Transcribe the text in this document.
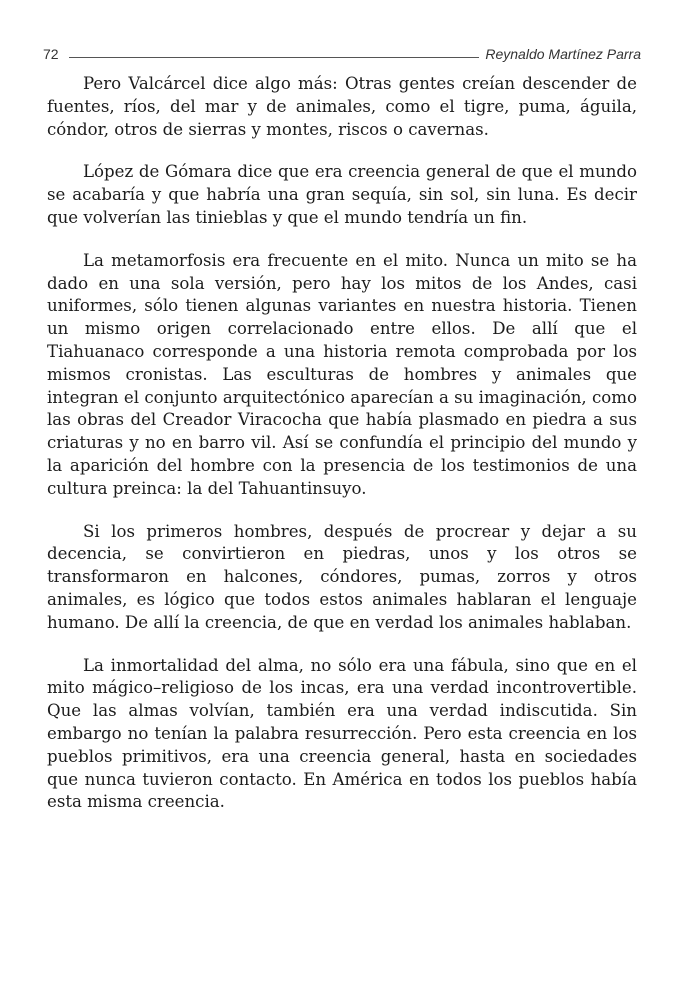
72	Reynaldo Martínez Parra

Pero Valcárcel dice algo más: Otras gentes creían descender de fuentes, ríos, del mar y de animales, como el tigre, puma, águila, cóndor, otros de sierras y montes, riscos o cavernas.

López de Gómara dice que era creencia general de que el mundo se acabaría y que habría una gran sequía, sin sol, sin luna. Es decir que volverían las tinieblas y que el mundo tendría un fin.

La metamorfosis era frecuente en el mito. Nunca un mito se ha dado en una sola versión, pero hay los mitos de los Andes, casi uniformes, sólo tienen algunas variantes en nuestra historia. Tienen un mismo origen correlacionado entre ellos. De allí que el Tiahuanaco corresponde a una historia remota comprobada por los mismos cronistas. Las esculturas de hombres y animales que integran el conjunto arquitectónico aparecían a su imaginación, como las obras del Creador Viracocha que había plasmado en piedra a sus criaturas y no en barro vil. Así se confundía el principio del mundo y la aparición del hombre con la presencia de los testimonios de una cultura preinca: la del Tahuantinsuyo.

Si los primeros hombres, después de procrear y dejar a su decencia, se convirtieron en piedras, unos y los otros se transformaron en halcones, cóndores, pumas, zorros y otros animales, es lógico que todos estos animales hablaran el lenguaje humano. De allí la creencia, de que en verdad los animales hablaban.

La inmortalidad del alma, no sólo era una fábula, sino que en el mito mágico–religioso de los incas, era una verdad incontrovertible. Que las almas volvían, también era una verdad indiscutida. Sin embargo no tenían la palabra resurrección. Pero esta creencia en los pueblos primitivos, era una creencia general, hasta en sociedades que nunca tuvieron contacto. En América en todos los pueblos había esta misma creencia.
